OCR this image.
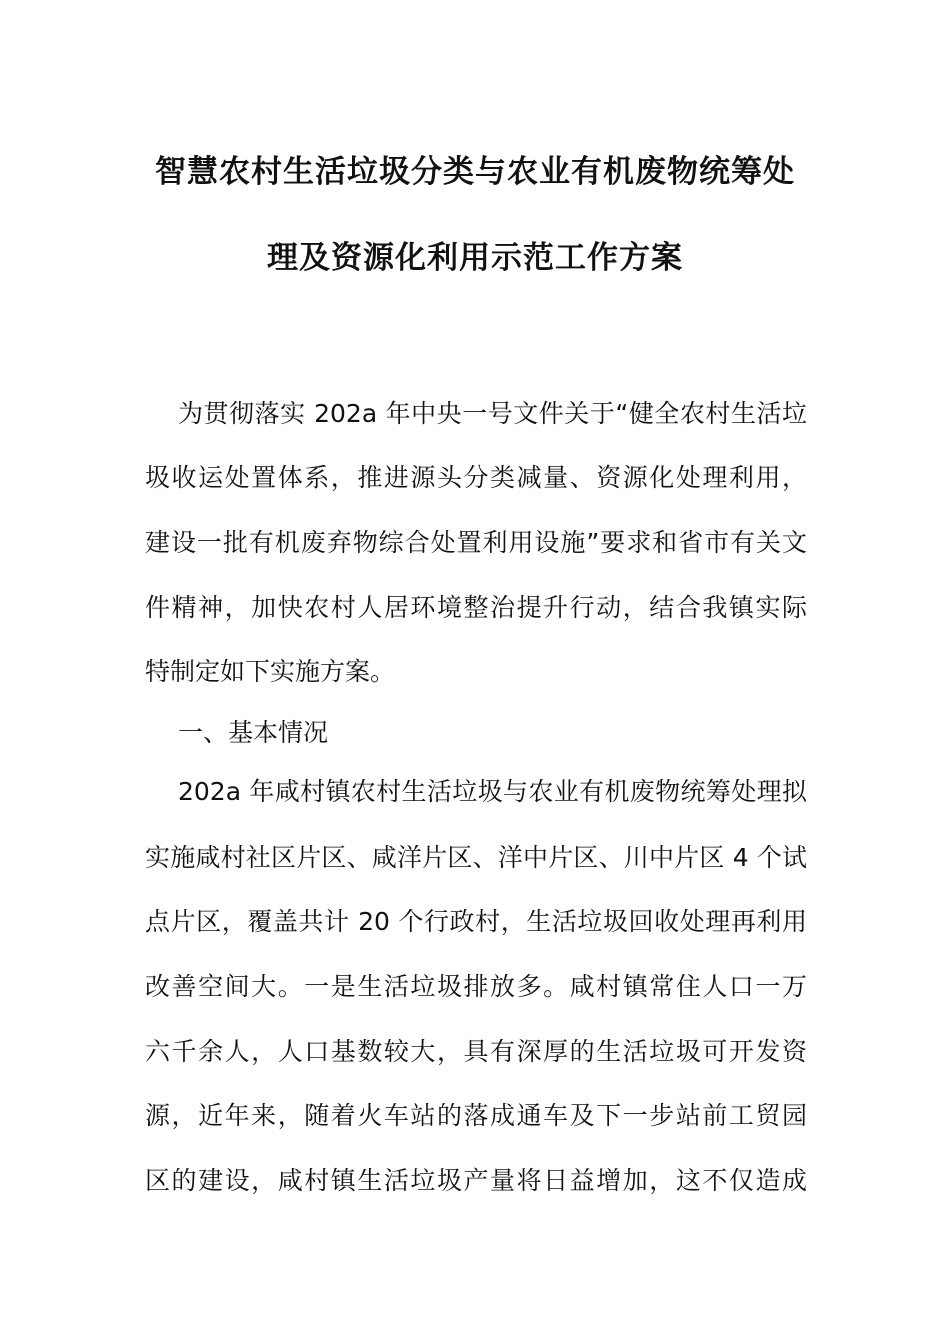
智慧农村生活垃圾分类与农业有机废物统筹处
理及资源化利用示范工作方案
为贯彻落实 202a 年中央一号文件关于“健全农村生活垃
圾收运处置体系，推进源头分类减量、资源化处理利用，
建设一批有机废弃物综合处置利用设施”要求和省市有关文
件精神，加快农村人居环境整治提升行动，结合我镇实际
特制定如下实施方案。
一、基本情况
202a 年咸村镇农村生活垃圾与农业有机废物统筹处理拟
实施咸村社区片区、咸洋片区、洋中片区、川中片区 4 个试
点片区，覆盖共计 20 个行政村，生活垃圾回收处理再利用
改善空间大。一是生活垃圾排放多。咸村镇常住人口一万
六千余人，人口基数较大，具有深厚的生活垃圾可开发资
源，近年来，随着火车站的落成通车及下一步站前工贸园
区的建设，咸村镇生活垃圾产量将日益增加，这不仅造成
